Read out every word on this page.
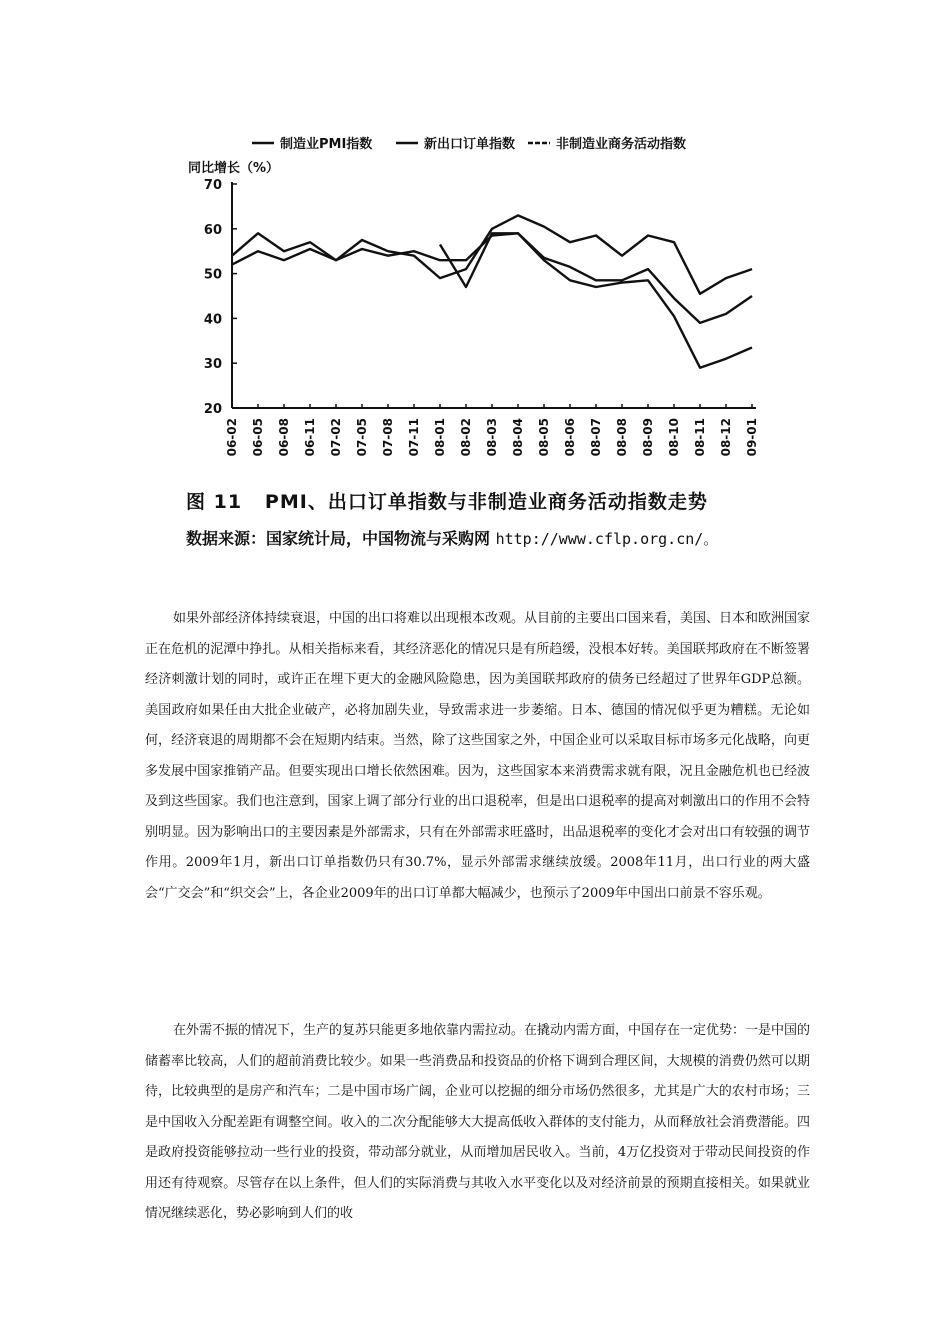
制造业PMI指数	新出口订单指数	非制造业商务活动指数
同比增长（%）
20
30
40
50
60
70
06-02 06-05 06-08 06-11 07-02 07-05 07-08 07-11 08-01 08-02 08-03 08-04 08-05 08-06 08-07 08-08 08-09 08-10 08-11 08-12 09-01
图 11 PMI、出口订单指数与非制造业商务活动指数走势
数据来源：国家统计局，中国物流与采购网 http://www.cflp.org.cn/。

如果外部经济体持续衰退，中国的出口将难以出现根本改观。从目前的主要出口国来看，美国、日本和欧洲国家正在危机的泥潭中挣扎。从相关指标来看，其经济恶化的情况只是有所趋缓，没根本好转。美国联邦政府在不断签署经济刺激计划的同时，或许正在埋下更大的金融风险隐患，因为美国联邦政府的债务已经超过了世界年GDP总额。美国政府如果任由大批企业破产，必将加剧失业，导致需求进一步萎缩。日本、德国的情况似乎更为糟糕。无论如何，经济衰退的周期都不会在短期内结束。当然，除了这些国家之外，中国企业可以采取目标市场多元化战略，向更多发展中国家推销产品。但要实现出口增长依然困难。因为，这些国家本来消费需求就有限，况且金融危机也已经波及到这些国家。我们也注意到，国家上调了部分行业的出口退税率，但是出口退税率的提高对刺激出口的作用不会特别明显。因为影响出口的主要因素是外部需求，只有在外部需求旺盛时，出品退税率的变化才会对出口有较强的调节作用。2009年1月，新出口订单指数仍只有30.7%，显示外部需求继续放缓。2008年11月，出口行业的两大盛会“广交会”和“织交会”上，各企业2009年的出口订单都大幅减少，也预示了2009年中国出口前景不容乐观。

在外需不振的情况下，生产的复苏只能更多地依靠内需拉动。在撬动内需方面，中国存在一定优势：一是中国的储蓄率比较高，人们的超前消费比较少。如果一些消费品和投资品的价格下调到合理区间，大规模的消费仍然可以期待，比较典型的是房产和汽车；二是中国市场广阔，企业可以挖掘的细分市场仍然很多，尤其是广大的农村市场；三是中国收入分配差距有调整空间。收入的二次分配能够大大提高低收入群体的支付能力，从而释放社会消费潜能。四是政府投资能够拉动一些行业的投资，带动部分就业，从而增加居民收入。当前，4万亿投资对于带动民间投资的作用还有待观察。尽管存在以上条件，但人们的实际消费与其收入水平变化以及对经济前景的预期直接相关。如果就业情况继续恶化，势必影响到人们的收
